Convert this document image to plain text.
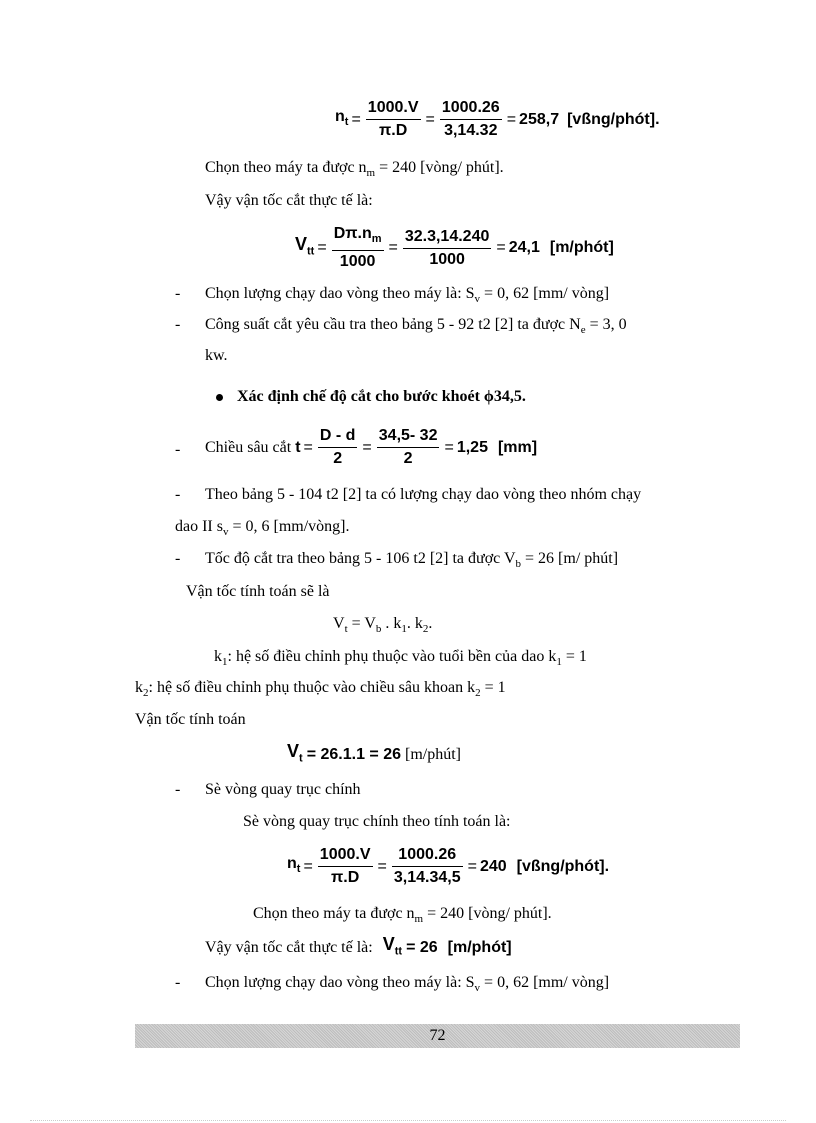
$n_t = \frac{1000.V}{\pi.D} = \frac{1000.26}{3,14.32} = 258,7$ [vßng/phót].
Chọn theo máy ta được $n_m = 240$ [vòng/ phút].
Vậy vận tốc cắt thực tế là:
$V_{tt} = \frac{D\pi.n_m}{1000} = \frac{32.3,14.240}{1000} = 24,1$ [m/phót]
- Chọn lượng chạy dao vòng theo máy là: $S_v = 0$, 62 [mm/ vòng]
- Công suất cắt yêu cầu tra theo bảng 5 - 92 t2 [2] ta được $N_e = 3$, 0
kw.
Xác định chế độ cắt cho bước khoét ϕ34,5.
- Chiều sâu cắt $t = \frac{D - d}{2} = \frac{34,5- 32}{2} = 1,25$ [mm]
- Theo bảng 5 - 104 t2 [2] ta có lượng chạy dao vòng theo nhóm chạy
dao II $s_v = 0$, 6 [mm/vòng].
- Tốc độ cắt tra theo bảng 5 - 106 t2 [2] ta được $V_b = 26$ [m/ phút]
Vận tốc tính toán sẽ là
$V_t = V_b$ . $k_1$. $k_2$.
$k_1$: hệ số điều chỉnh phụ thuộc vào tuổi bền của dao $k_1 = 1$
$k_2$: hệ số điều chỉnh phụ thuộc vào chiều sâu khoan $k_2 = 1$
Vận tốc tính toán
$V_t = 26.1.1 = 26$ [m/phút]
- Sè vòng quay trục chính
Sè vòng quay trục chính theo tính toán là:
$n_t = \frac{1000.V}{\pi.D} = \frac{1000.26}{3,14.34,5} = 240$ [vßng/phót].
Chọn theo máy ta được $n_m = 240$ [vòng/ phút].
Vậy vận tốc cắt thực tế là: $V_{tt} = 26$ [m/phót]
- Chọn lượng chạy dao vòng theo máy là: $S_v = 0$, 62 [mm/ vòng]
72
